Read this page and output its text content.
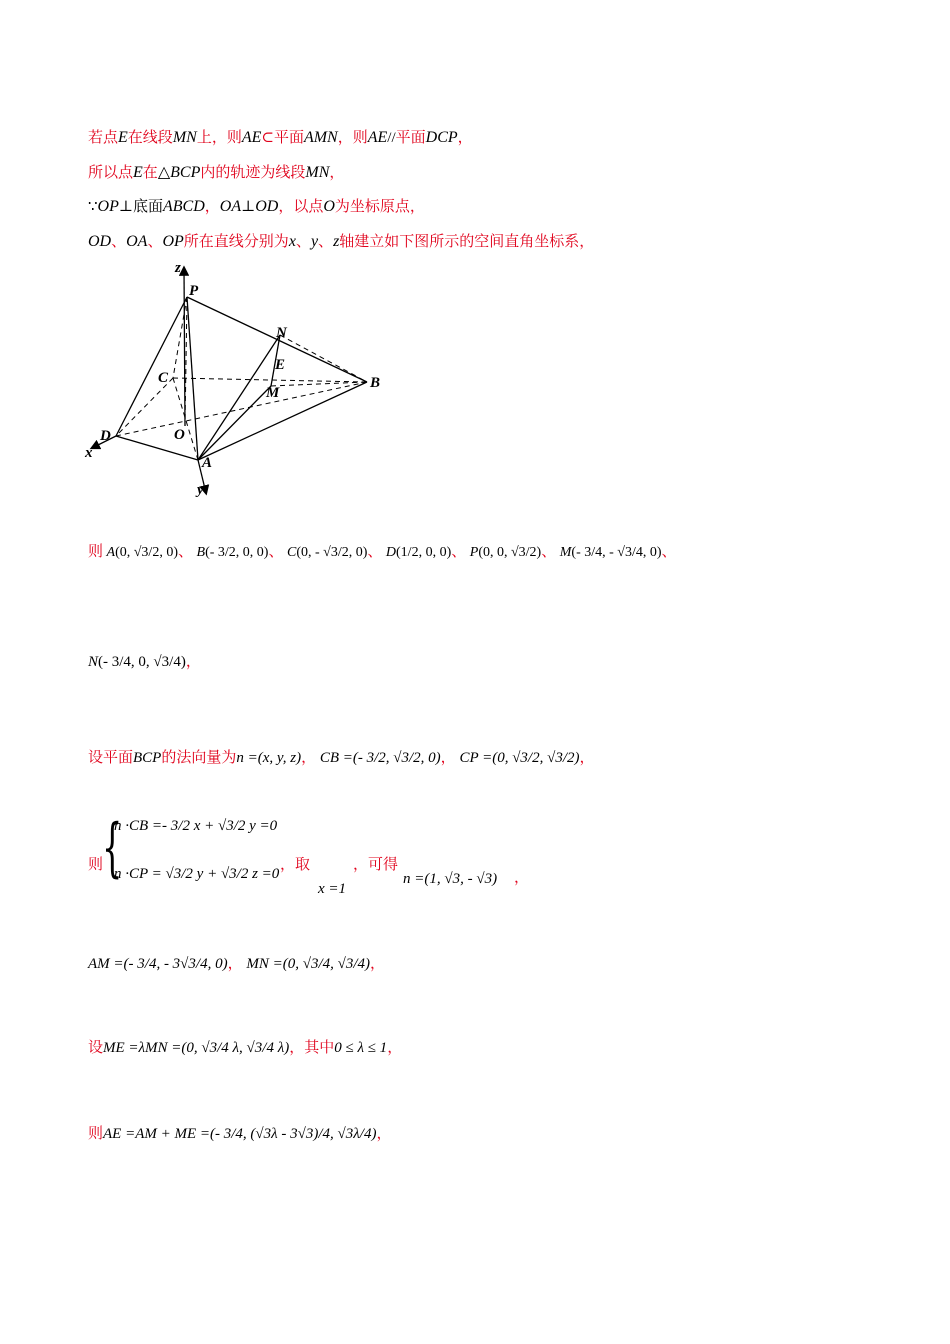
若点E在线段MN上，则AE⊂平面AMN，则AE//平面DCP，
所以点E在△BCP内的轨迹为线段MN，
∵OP⊥底面ABCD，OA⊥OD，以点O为坐标原点，
OD、OA、OP所在直线分别为x、y、z轴建立如下图所示的空间直角坐标系，
z
P
N
E
C
M
B
D	O
A
x
y
则 A(0, √3/2, 0)、 B(- 3/2, 0, 0)、 C(0, - √3/2, 0)、 D(1/2, 0, 0)、 P(0, 0, √3/2)、 M(- 3/4, - √3/4, 0)、
N(- 3/4, 0, √3/4)，
设平面BCP的法向量为n =(x, y, z)， CB =(- 3/2, √3/2, 0)， CP =(0, √3/2, √3/2)，
则
{
n ·CB =- 3/2 x + √3/2 y =0
n ·CP = √3/2 y + √3/2 z =0
，取
x =1
，可得
n =(1, √3, - √3) ，
AM =(- 3/4, - 3√3/4, 0)， MN =(0, √3/4, √3/4)，
设ME =λMN =(0, √3/4 λ, √3/4 λ)，其中0 ≤ λ ≤ 1，
则AE =AM + ME =(- 3/4, (√3λ - 3√3)/4, √3λ/4)，
